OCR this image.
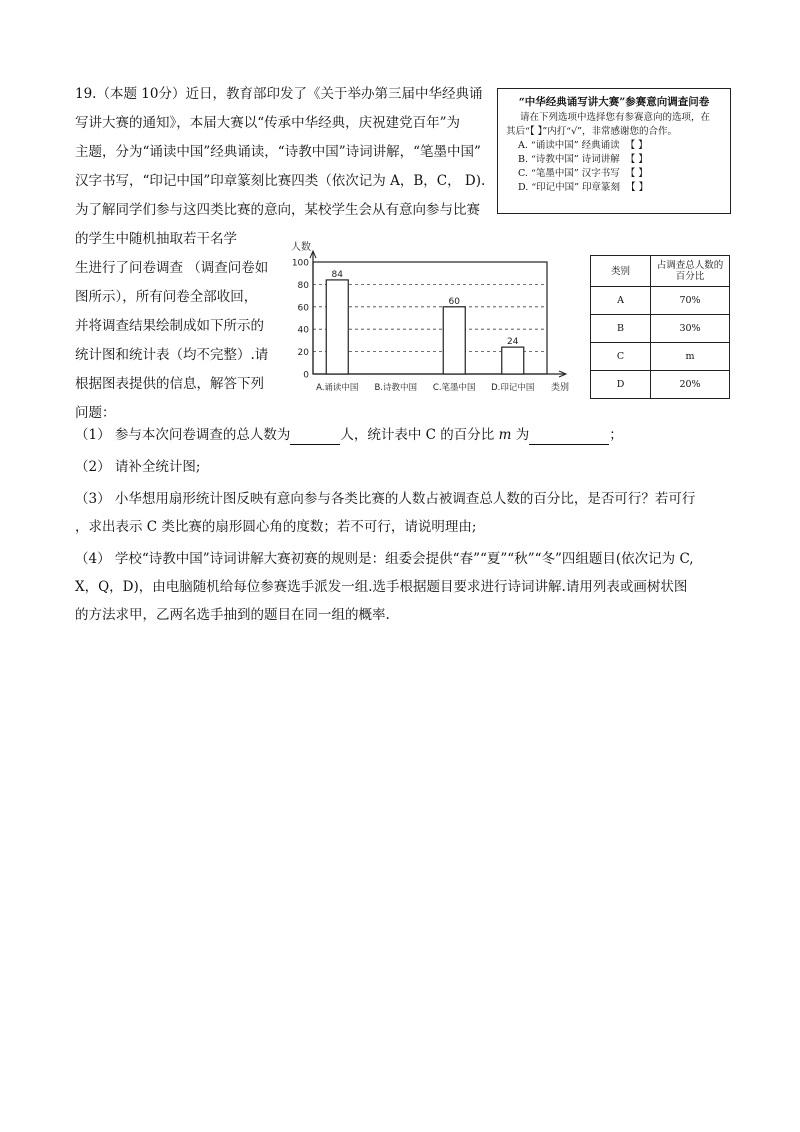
19.（本题 10分）近日，教育部印发了《关于举办第三届中华经典诵
写讲大赛的通知》，本届大赛以“传承中华经典，庆祝建党百年”为
主题，分为“诵读中国”经典诵读，“诗教中国”诗词讲解，“笔墨中国”
汉字书写，“印记中国”印章篆刻比赛四类（依次记为 A，B，C， D).
为了解同学们参与这四类比赛的意向，某校学生会从有意向参与比赛
的学生中随机抽取若干名学
“中华经典诵写讲大赛”参赛意向调查问卷
请在下列选项中选择您有参赛意向的选项，在
其后“【 】”内打“√”，非常感谢您的合作。
A. “诵读中国” 经典诵读 【 】
B. “诗教中国” 诗词讲解 【 】
C. “笔墨中国” 汉字书写 【 】
D. “印记中国” 印章篆刻 【 】
生进行了问卷调查 （调查问卷如
图所示），所有问卷全部收回，
并将调查结果绘制成如下所示的
统计图和统计表（均不完整）.请
根据图表提供的信息，解答下列
问题：
0
20
40
60
80
100
人数
类别
84
A.诵读中国 B.诗教中国
60
C.笔墨中国
24
D.印记中国
类别	占调查总人数的百分比
A	70%
B	30%
C	m
D	20%
（1） 参与本次问卷调查的总人数为	人，统计表中 C 的百分比 m 为	；
（2） 请补全统计图;
（3） 小华想用扇形统计图反映有意向参与各类比赛的人数占被调查总人数的百分比，是否可行？若可行
，求出表示 C 类比赛的扇形圆心角的度数；若不可行，请说明理由;
（4） 学校“诗教中国”诗词讲解大赛初赛的规则是：组委会提供“春”“夏”“秋”“冬”四组题目(依次记为 C,
X，Q，D)，由电脑随机给每位参赛选手派发一组.选手根据题目要求进行诗词讲解.请用列表或画树状图
的方法求甲，乙两名选手抽到的题目在同一组的概率.
